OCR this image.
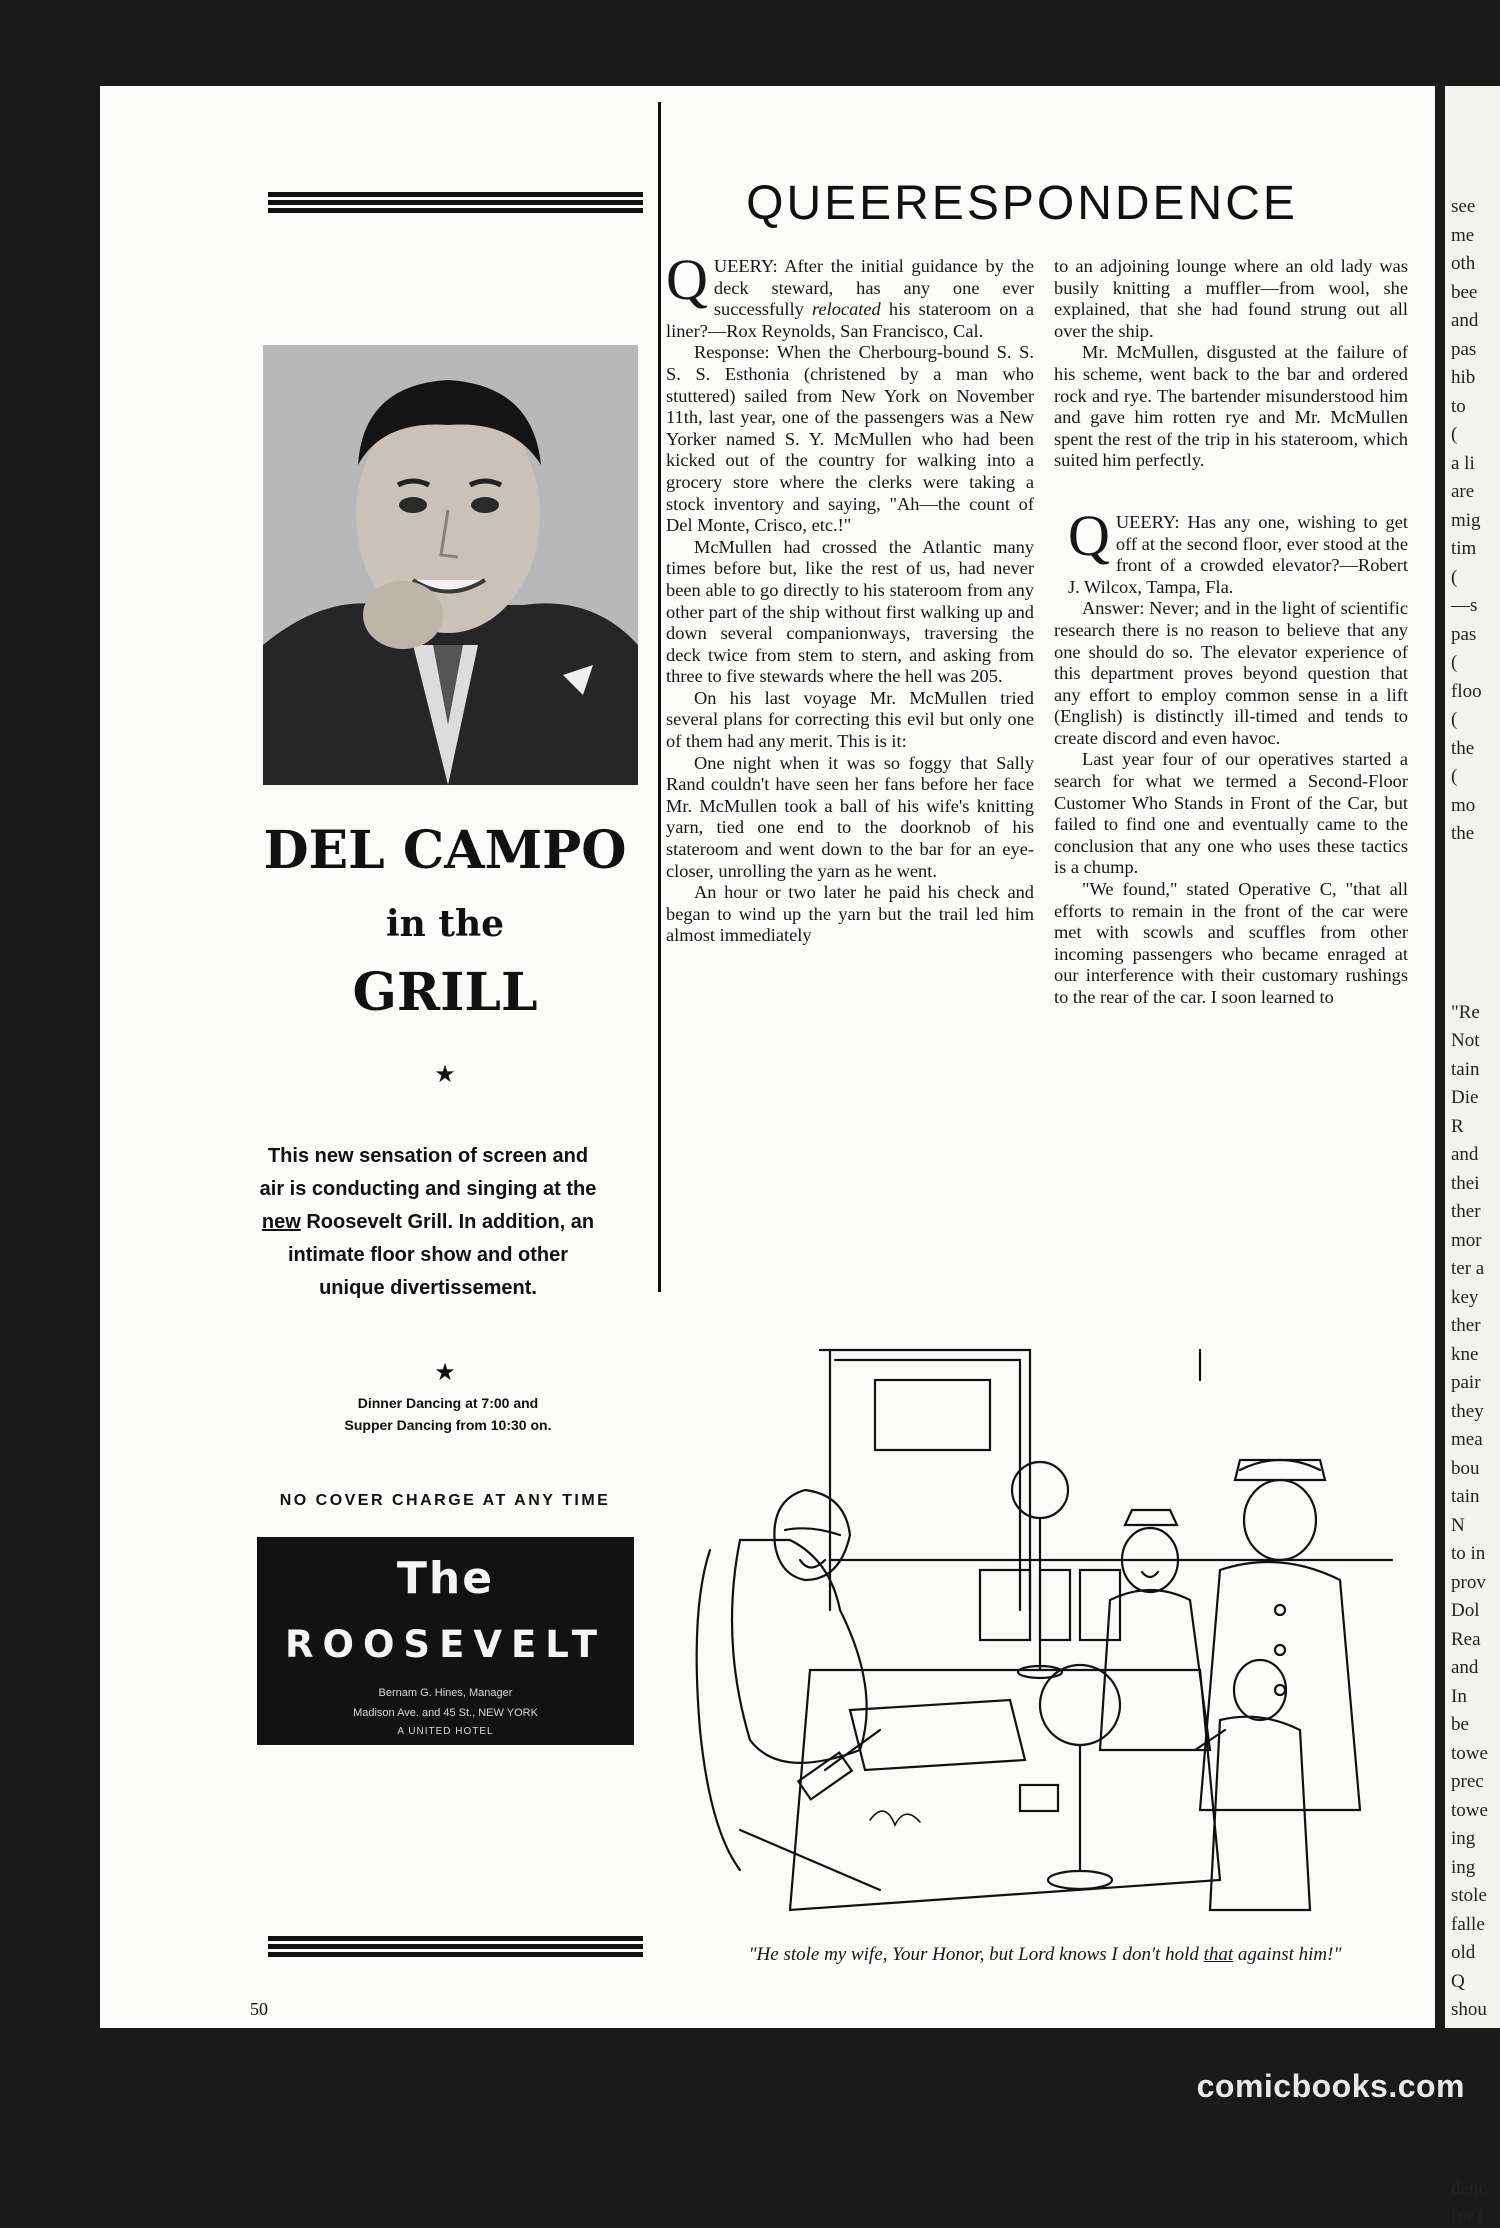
see
me
oth
bee
and
pas
hib
to
(
a li
are
mig
tim
(
—s
pas
(
floo
(
the
(
mo
the
"Re
Not
tain
Die
R
and
thei
ther
mor
ter a
key
ther
kne
pair
they
mea
bou
tain
N
to in
prov
Dol
Rea
and
In
be
towe
prec
towe
ing
ing
stole
falle
old
Q
shou
denc
for t
DEL CAMPO
in the
GRILL
★
This new sensation of screen and air is conducting and singing at the new Roosevelt Grill. In addition, an intimate floor show and other unique divertissement.
★
Dinner Dancing at 7:00 and
Supper Dancing from 10:30 on.
NO COVER CHARGE AT ANY TIME
The
ROOSEVELT
Bernam G. Hines, Manager
Madison Ave. and 45 St., NEW YORK
A UNITED HOTEL
QUEERESPONDENCE

QUEERY: After the initial guidance by the deck steward, has any one ever successfully relocated his stateroom on a liner?—Rox Reynolds, San Francisco, Cal.

Response: When the Cherbourg-bound S. S. S. S. Esthonia (christened by a man who stuttered) sailed from New York on November 11th, last year, one of the passengers was a New Yorker named S. Y. McMullen who had been kicked out of the country for walking into a grocery store where the clerks were taking a stock inventory and saying, "Ah—the count of Del Monte, Crisco, etc.!"

McMullen had crossed the Atlantic many times before but, like the rest of us, had never been able to go directly to his stateroom from any other part of the ship without first walking up and down several companionways, traversing the deck twice from stem to stern, and asking from three to five stewards where the hell was 205.

On his last voyage Mr. McMullen tried several plans for correcting this evil but only one of them had any merit. This is it:

One night when it was so foggy that Sally Rand couldn't have seen her fans before her face Mr. McMullen took a ball of his wife's knitting yarn, tied one end to the doorknob of his stateroom and went down to the bar for an eye-closer, unrolling the yarn as he went.

An hour or two later he paid his check and began to wind up the yarn but the trail led him almost immediately

to an adjoining lounge where an old lady was busily knitting a muffler—from wool, she explained, that she had found strung out all over the ship.

Mr. McMullen, disgusted at the failure of his scheme, went back to the bar and ordered rock and rye. The bartender misunderstood him and gave him rotten rye and Mr. McMullen spent the rest of the trip in his stateroom, which suited him perfectly.

QUEERY: Has any one, wishing to get off at the second floor, ever stood at the front of a crowded elevator?—Robert J. Wilcox, Tampa, Fla.

Answer: Never; and in the light of scientific research there is no reason to believe that any one should do so. The elevator experience of this department proves beyond question that any effort to employ common sense in a lift (English) is distinctly ill-timed and tends to create discord and even havoc.

Last year four of our operatives started a search for what we termed a Second-Floor Customer Who Stands in Front of the Car, but failed to find one and eventually came to the conclusion that any one who uses these tactics is a chump.

"We found," stated Operative C, "that all efforts to remain in the front of the car were met with scowls and scuffles from other incoming passengers who became enraged at our interference with their customary rushings to the rear of the car. I soon learned to

"He stole my wife, Your Honor, but Lord knows I don't hold that against him!"
50
comicbooks.com
